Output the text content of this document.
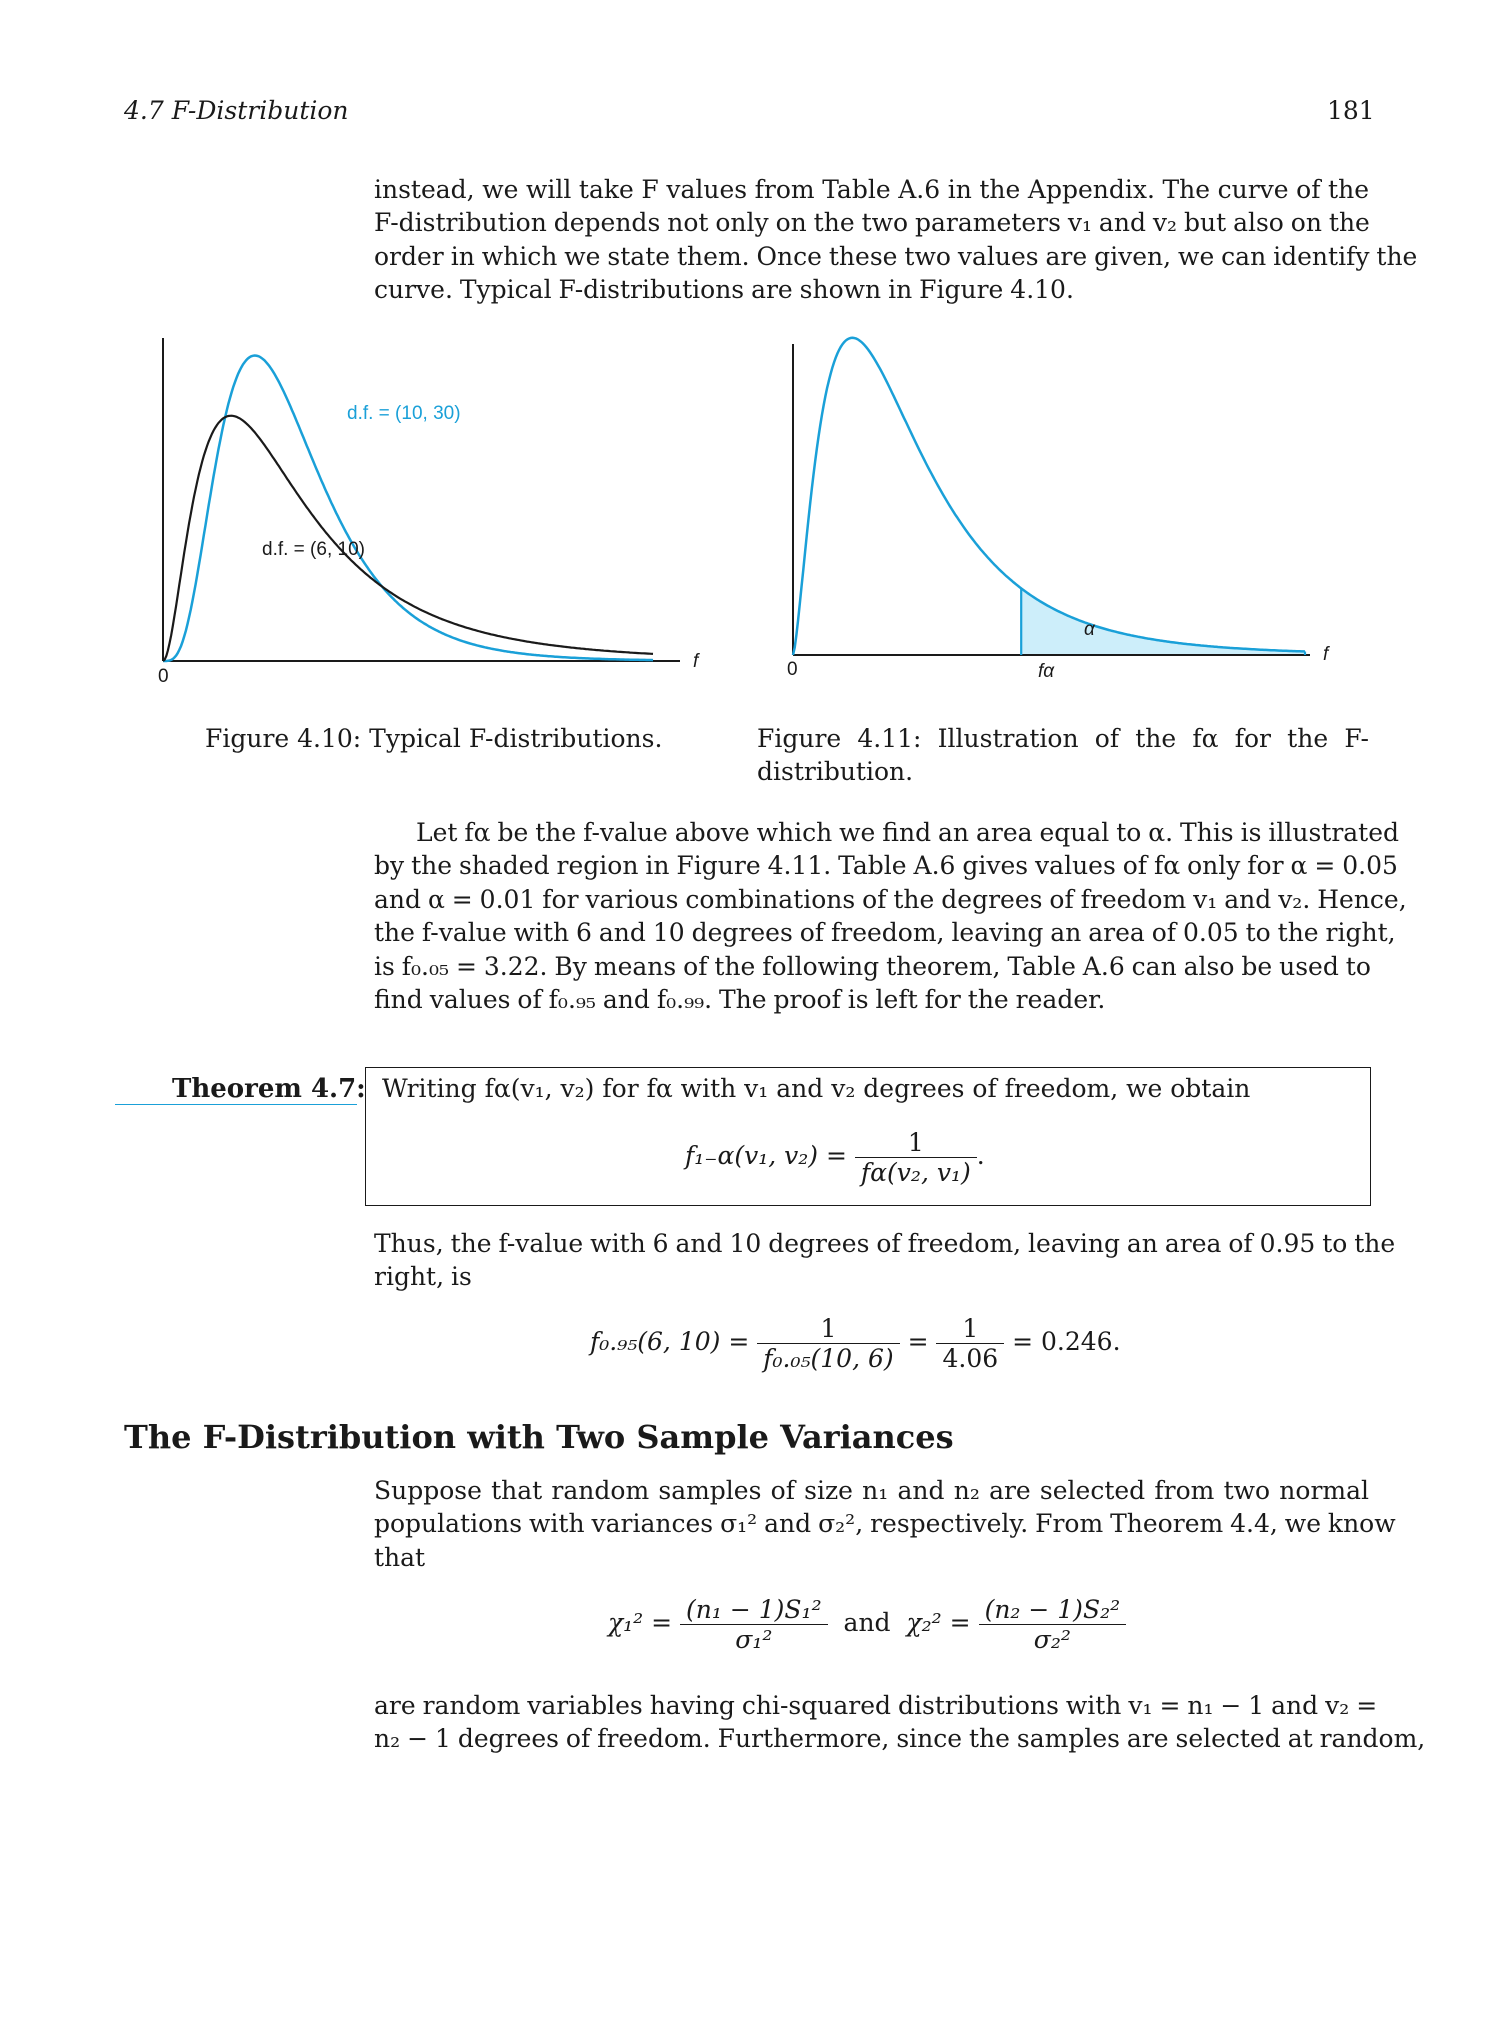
4.7 F-Distribution	181
instead, we will take F values from Table A.6 in the Appendix. The curve of the
F-distribution depends not only on the two parameters v₁ and v₂ but also on the
order in which we state them. Once these two values are given, we can identify the
curve. Typical F-distributions are shown in Figure 4.10.
d.f. = (10, 30)
d.f. = (6, 10)
0
f
α
0	fα
f
Figure 4.10: Typical F-distributions.	Figure 4.11: Illustration of the fα for the F-
distribution.
Let fα be the f-value above which we find an area equal to α. This is illustrated
by the shaded region in Figure 4.11. Table A.6 gives values of fα only for α = 0.05
and α = 0.01 for various combinations of the degrees of freedom v₁ and v₂. Hence,
the f-value with 6 and 10 degrees of freedom, leaving an area of 0.05 to the right,
is f₀.₀₅ = 3.22. By means of the following theorem, Table A.6 can also be used to
find values of f₀.₉₅ and f₀.₉₉. The proof is left for the reader.
Theorem 4.7: Writing fα(v₁, v₂) for fα with v₁ and v₂ degrees of freedom, we obtain
f₁₋α(v₁, $v_2) = \frac{1}{\text{fα(v₂, v₁)}}$ .
Thus, the f-value with 6 and 10 degrees of freedom, leaving an area of 0.95 to the
right, is
f₀.₉₅(6, $10) = \frac{1}{\text{f₀.₀₅(10, 6)}} = \frac{1}{4.06} = 0.246$.
The F-Distribution with Two Sample Variances
Suppose that random samples of size n₁ and n₂ are selected from two normal
populations with variances σ₁² and σ₂², respectively. From Theorem 4.4, we know
that
$\chi_1^2 = \frac{\text{(n₁ − 1)S₁²}}{\text{σ₁²}}$ and $\chi_2^2 = \frac{\text{(n₂ − 1)S₂²}}{\text{σ₂²}}$
are random variables having chi-squared distributions with v₁ = n₁ − 1 and v₂ =
n₂ − 1 degrees of freedom. Furthermore, since the samples are selected at random,
